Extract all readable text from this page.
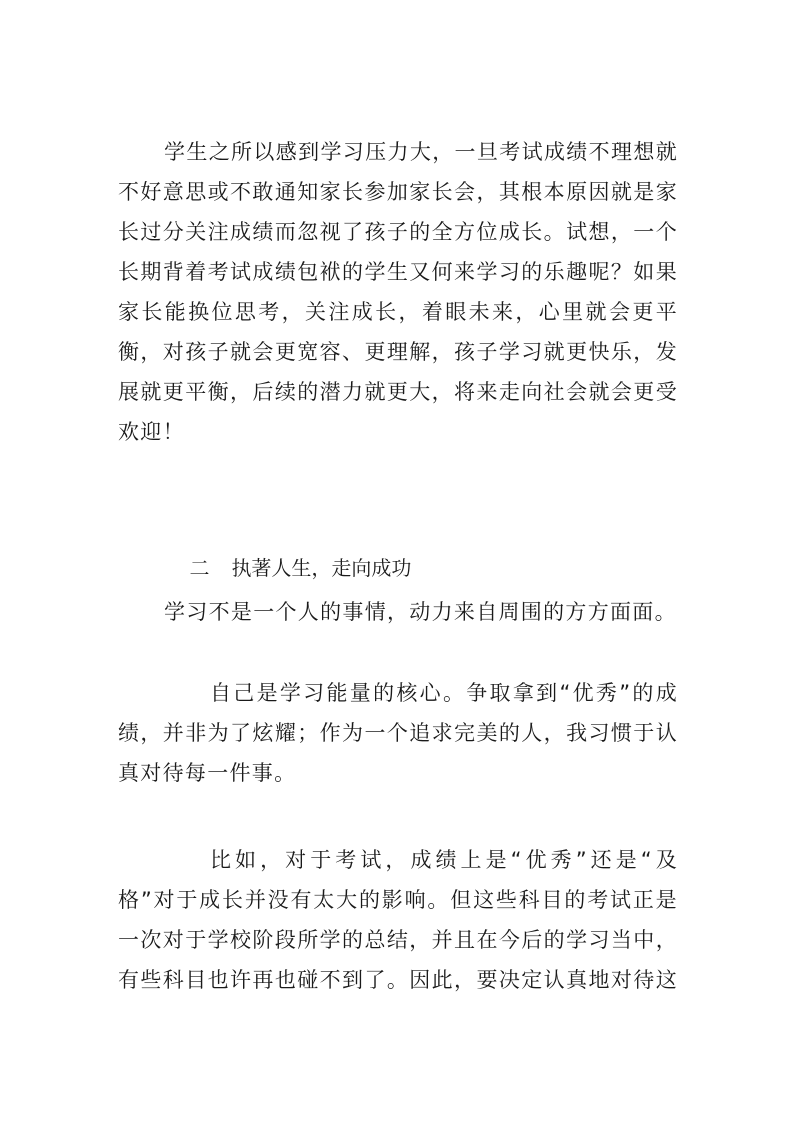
学生之所以感到学习压力大，一旦考试成绩不理想就
不好意思或不敢通知家长参加家长会，其根本原因就是家
长过分关注成绩而忽视了孩子的全方位成长。试想，一个
长期背着考试成绩包袱的学生又何来学习的乐趣呢？如果
家长能换位思考，关注成长，着眼未来，心里就会更平
衡，对孩子就会更宽容、更理解，孩子学习就更快乐，发
展就更平衡，后续的潜力就更大，将来走向社会就会更受
欢迎！

二 执著人生，走向成功

学习不是一个人的事情，动力来自周围的方方面面。
自己是学习能量的核心。争取拿到“优秀”的成
绩，并非为了炫耀；作为一个追求完美的人，我习惯于认
真对待每一件事。
比如，对于考试，成绩上是“优秀”还是“及
格”对于成长并没有太大的影响。但这些科目的考试正是
一次对于学校阶段所学的总结，并且在今后的学习当中，
有些科目也许再也碰不到了。因此，要决定认真地对待这
